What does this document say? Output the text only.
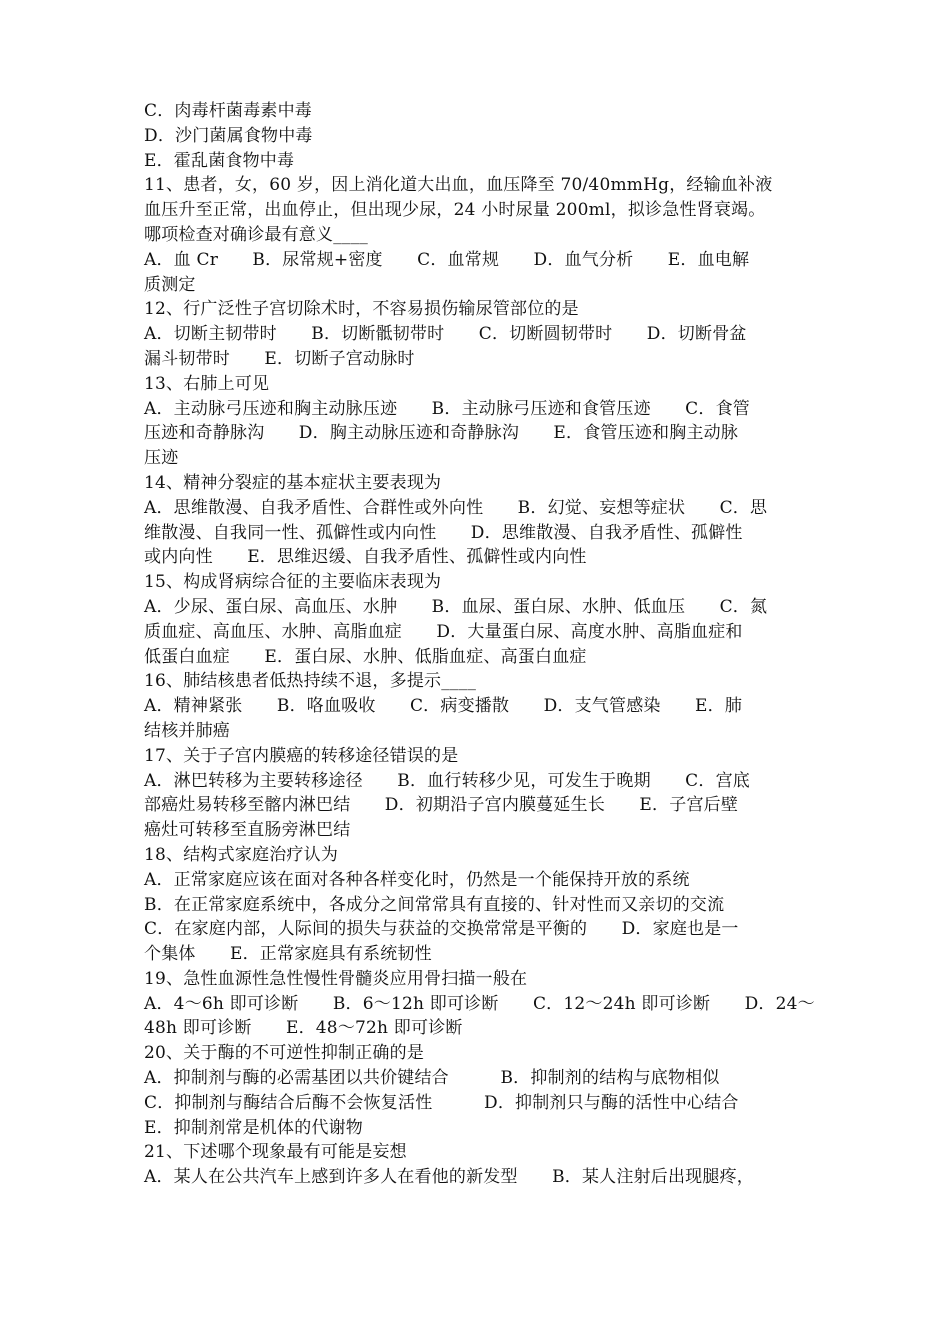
C．肉毒杆菌毒素中毒
D．沙门菌属食物中毒
E．霍乱菌食物中毒
11、患者，女，60 岁，因上消化道大出血，血压降至 70/40mmHg，经输血补液
血压升至正常，出血停止，但出现少尿，24 小时尿量 200ml，拟诊急性肾衰竭。
哪项检查对确诊最有意义____
A．血 Cr　　B．尿常规+密度　　C．血常规　　D．血气分析　　E．血电解
质测定
12、行广泛性子宫切除术时，不容易损伤输尿管部位的是
A．切断主韧带时　　B．切断骶韧带时　　C．切断圆韧带时　　D．切断骨盆
漏斗韧带时　　E．切断子宫动脉时
13、右肺上可见
A．主动脉弓压迹和胸主动脉压迹　　B．主动脉弓压迹和食管压迹　　C．食管
压迹和奇静脉沟　　D．胸主动脉压迹和奇静脉沟　　E．食管压迹和胸主动脉
压迹
14、精神分裂症的基本症状主要表现为
A．思维散漫、自我矛盾性、合群性或外向性　　B．幻觉、妄想等症状　　C．思
维散漫、自我同一性、孤僻性或内向性　　D．思维散漫、自我矛盾性、孤僻性
或内向性　　E．思维迟缓、自我矛盾性、孤僻性或内向性
15、构成肾病综合征的主要临床表现为
A．少尿、蛋白尿、高血压、水肿　　B．血尿、蛋白尿、水肿、低血压　　C．氮
质血症、高血压、水肿、高脂血症　　D．大量蛋白尿、高度水肿、高脂血症和
低蛋白血症　　E．蛋白尿、水肿、低脂血症、高蛋白血症
16、肺结核患者低热持续不退，多提示____
A．精神紧张　　B．咯血吸收　　C．病变播散　　D．支气管感染　　E．肺
结核并肺癌
17、关于子宫内膜癌的转移途径错误的是
A．淋巴转移为主要转移途径　　B．血行转移少见，可发生于晚期　　C．宫底
部癌灶易转移至髂内淋巴结　　D．初期沿子宫内膜蔓延生长　　E．子宫后壁
癌灶可转移至直肠旁淋巴结
18、结构式家庭治疗认为
A．正常家庭应该在面对各种各样变化时，仍然是一个能保持开放的系统
B．在正常家庭系统中，各成分之间常常具有直接的、针对性而又亲切的交流
C．在家庭内部，人际间的损失与获益的交换常常是平衡的　　D．家庭也是一
个集体　　E．正常家庭具有系统韧性
19、急性血源性急性慢性骨髓炎应用骨扫描一般在
A．4～6h 即可诊断　　B．6～12h 即可诊断　　C．12～24h 即可诊断　　D．24～
48h 即可诊断　　E．48～72h 即可诊断
20、关于酶的不可逆性抑制正确的是
A．抑制剂与酶的必需基团以共价键结合　　　B．抑制剂的结构与底物相似
C．抑制剂与酶结合后酶不会恢复活性　　　D．抑制剂只与酶的活性中心结合
E．抑制剂常是机体的代谢物
21、下述哪个现象最有可能是妄想
A．某人在公共汽车上感到许多人在看他的新发型　　B．某人注射后出现腿疼，
